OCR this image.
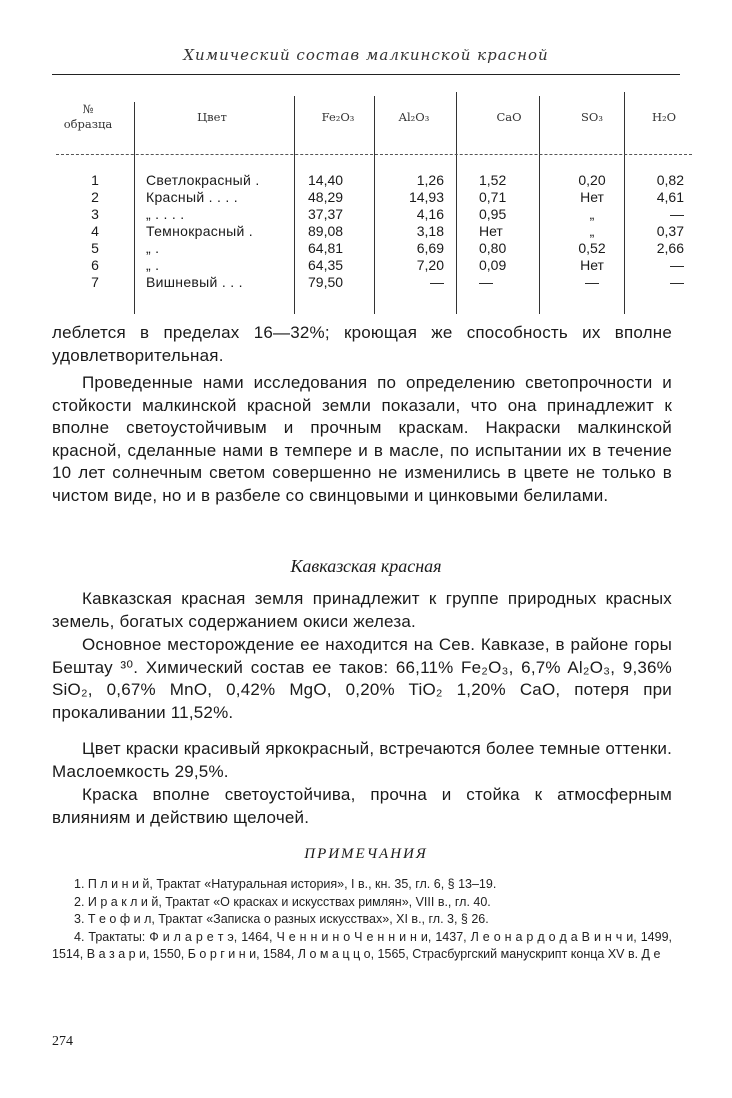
Химический состав малкинской красной
№
образца	Цвет	Fe₂O₃	Al₂O₃	CaO	SO₃	H₂O
1	Светлокрасный .	14,40	1,26	1,52	0,20	0,82
2	Красный . . . .	48,29	14,93	0,71	Нет	4,61
3	„ . . . .	37,37	4,16	0,95	„	—
4	Темнокрасный .	89,08	3,18	Нет	„	0,37
5	„ .	64,81	6,69	0,80	0,52	2,66
6	„ .	64,35	7,20	0,09	Нет	—
7	Вишневый . . .	79,50	—	—	—	—
леблется в пределах 16—32%; кроющая же способность их вполне удовлетворительная.
Проведенные нами исследования по определению светопрочности и стойкости малкинской красной земли показали, что она принадлежит к вполне светоустойчивым и прочным краскам. Накраски малкинской красной, сделанные нами в темпере и в масле, по испытании их в течение 10 лет солнечным светом совершенно не изменились в цвете не только в чистом виде, но и в разбеле со свинцовыми и цинковыми белилами.
Кавказская красная
Кавказская красная земля принадлежит к группе природных красных земель, богатых содержанием окиси железа.
Основное месторождение ее находится на Сев. Кавказе, в районе горы Бештау ³⁰. Химический состав ее таков: 66,11% Fe₂O₃, 6,7% Al₂O₃, 9,36% SiO₂, 0,67% MnO, 0,42% MgO, 0,20% TiO₂ 1,20% CaO, потеря при прокаливании 11,52%.
Цвет краски красивый яркокрасный, встречаются более темные оттенки. Маслоемкость 29,5%.
Краска вполне светоустойчива, прочна и стойка к атмосферным влияниям и действию щелочей.
ПРИМЕЧАНИЯ

1. П л и н и й, Трактат «Натуральная история», I в., кн. 35, гл. 6, § 13–19.

2. И р а к л и й, Трактат «О красках и искусствах римлян», VIII в., гл. 40.

3. Т е о ф и л, Трактат «Записка о разных искусствах», XI в., гл. 3, § 26.

4. Трактаты: Ф и л а р е т э, 1464, Ч е н н и н о Ч е н н и н и, 1437, Л е о н а р д о д а В и н ч и, 1499, 1514, В а з а р и, 1550, Б о р г и н и, 1584, Л о м а ц ц о, 1565, Страсбургский манускрипт конца XV в. Д е

274
